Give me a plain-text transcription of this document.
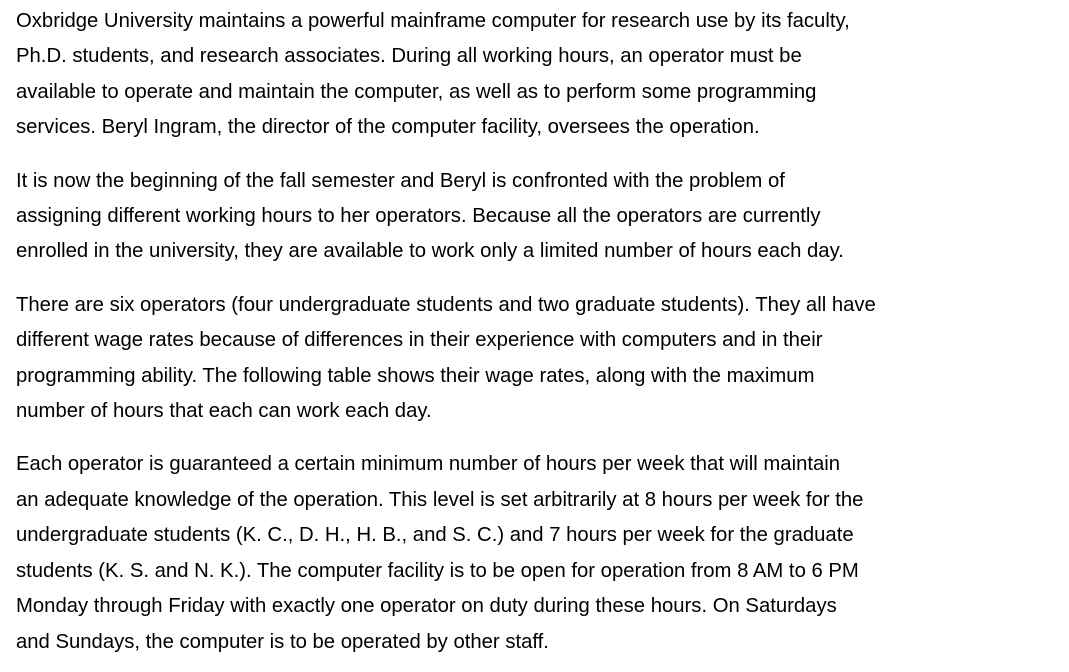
Oxbridge University maintains a powerful mainframe computer for research use by its faculty,
Ph.D. students, and research associates. During all working hours, an operator must be
available to operate and maintain the computer, as well as to perform some programming
services. Beryl Ingram, the director of the computer facility, oversees the operation.

It is now the beginning of the fall semester and Beryl is confronted with the problem of
assigning different working hours to her operators. Because all the operators are currently
enrolled in the university, they are available to work only a limited number of hours each day.

There are six operators (four undergraduate students and two graduate students). They all have
different wage rates because of differences in their experience with computers and in their
programming ability. The following table shows their wage rates, along with the maximum
number of hours that each can work each day.

Each operator is guaranteed a certain minimum number of hours per week that will maintain
an adequate knowledge of the operation. This level is set arbitrarily at 8 hours per week for the
undergraduate students (K. C., D. H., H. B., and S. C.) and 7 hours per week for the graduate
students (K. S. and N. K.). The computer facility is to be open for operation from 8 AM to 6 PM
Monday through Friday with exactly one operator on duty during these hours. On Saturdays
and Sundays, the computer is to be operated by other staff.
